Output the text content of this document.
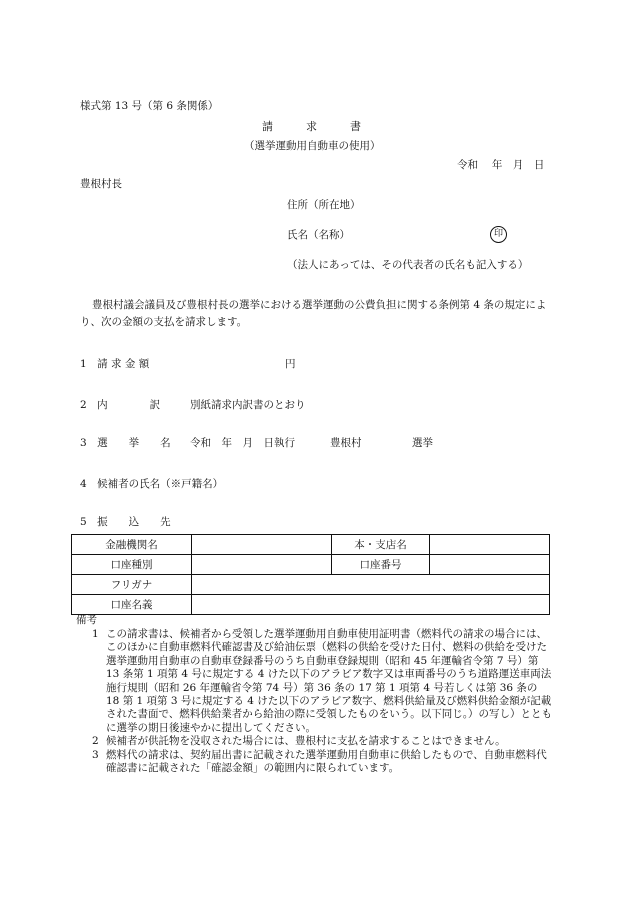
様式第 13 号（第 6 条関係）
請　　　求　　　書
（選挙運動用自動車の使用）
令和　 年　月　日
豊根村長
住所（所在地）
氏名（名称）	印
（法人にあっては、その代表者の氏名も記入する）
豊根村議会議員及び豊根村長の選挙における選挙運動の公費負担に関する条例第 4 条の規定により、次の金額の支払を請求します。
1　請 求 金 額	円
2　内　　　　訳	別紙請求内訳書のとおり
3　選　　挙　　名 令和　年　月　日執行	豊根村	選挙
4　候補者の氏名（※戸籍名）
5　振　　込　　先
金融機関名		本・支店名	
口座種別		口座番号	
フリガナ			
口座名義			
備考
1 この請求書は、候補者から受領した選挙運動用自動車使用証明書（燃料代の請求の場合には、このほかに自動車燃料代確認書及び給油伝票（燃料の供給を受けた日付、燃料の供給を受けた選挙運動用自動車の自動車登録番号のうち自動車登録規則（昭和 45 年運輸省令第 7 号）第 13 条第 1 項第 4 号に規定する 4 けた以下のアラビア数字又は車両番号のうち道路運送車両法施行規則（昭和 26 年運輸省令第 74 号）第 36 条の 17 第 1 項第 4 号若しくは第 36 条の 18 第 1 項第 3 号に規定する 4 けた以下のアラビア数字、燃料供給量及び燃料供給金額が記載された書面で、燃料供給業者から給油の際に受領したものをいう。以下同じ。）の写し）とともに選挙の期日後速やかに提出してください。
2 候補者が供託物を没収された場合には、豊根村に支払を請求することはできません。
3 燃料代の請求は、契約届出書に記載された選挙運動用自動車に供給したもので、自動車燃料代確認書に記載された「確認金額」の範囲内に限られています。
